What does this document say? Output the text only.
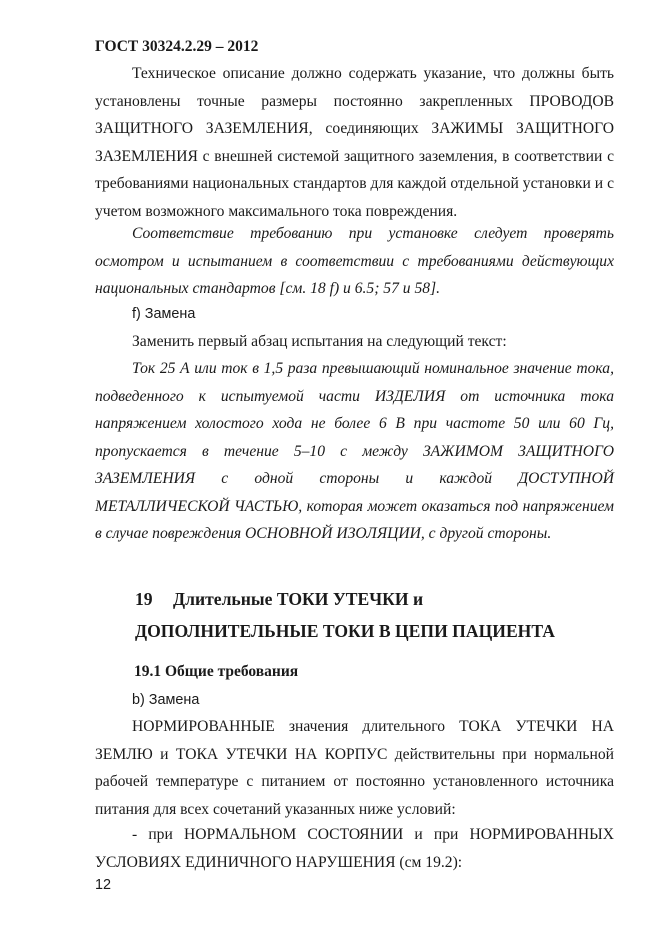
ГОСТ 30324.2.29 – 2012
Техническое описание должно содержать указание, что должны быть установлены точные размеры постоянно закрепленных ПРОВОДОВ ЗАЩИТНОГО ЗАЗЕМЛЕНИЯ, соединяющих ЗАЖИМЫ ЗАЩИТНОГО ЗАЗЕМЛЕНИЯ с внешней системой защитного заземления, в соответствии с требованиями национальных стандартов для каждой отдельной установки и с учетом возможного максимального тока повреждения.
Соответствие требованию при установке следует проверять осмотром и испытанием в соответствии с требованиями действующих национальных стандартов [см. 18 f) и 6.5; 57 и 58].
f) Замена
Заменить первый абзац испытания на следующий текст:
Ток 25 А или ток в 1,5 раза превышающий номинальное значение тока, подведенного к испытуемой части ИЗДЕЛИЯ от источника тока напряжением холостого хода не более 6 В при частоте 50 или 60 Гц, пропускается в течение 5–10 с между ЗАЖИМОМ ЗАЩИТНОГО ЗАЗЕМЛЕНИЯ с одной стороны и каждой ДОСТУПНОЙ МЕТАЛЛИЧЕСКОЙ ЧАСТЬЮ, которая может оказаться под напряжением в случае повреждения ОСНОВНОЙ ИЗОЛЯЦИИ, с другой стороны.
19 Длительные ТОКИ УТЕЧКИ и ДОПОЛНИТЕЛЬНЫЕ ТОКИ В ЦЕПИ ПАЦИЕНТА
19.1 Общие требования
b) Замена
НОРМИРОВАННЫЕ значения длительного ТОКА УТЕЧКИ НА ЗЕМЛЮ и ТОКА УТЕЧКИ НА КОРПУС действительны при нормальной рабочей температуре с питанием от постоянно установленного источника питания для всех сочетаний указанных ниже условий:
- при НОРМАЛЬНОМ СОСТОЯНИИ и при НОРМИРОВАННЫХ УСЛОВИЯХ ЕДИНИЧНОГО НАРУШЕНИЯ (см 19.2):
12
